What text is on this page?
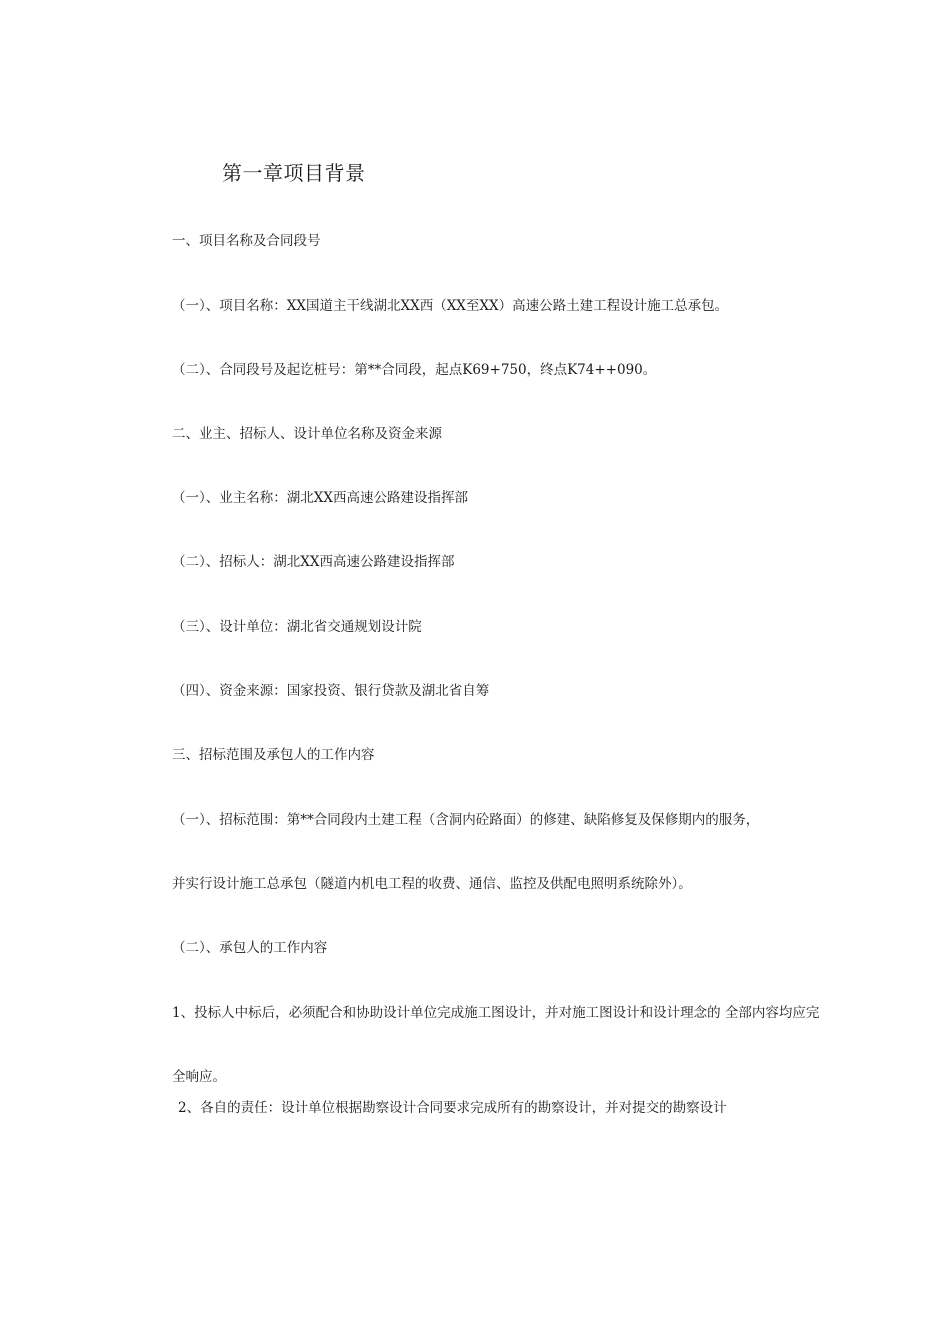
第一章项目背景
一、项目名称及合同段号
（一）、项目名称：XX国道主干线湖北XX西（XX至XX）高速公路土建工程设计施工总承包。
（二）、合同段号及起讫桩号：第**合同段，起点K69+750，终点K74++090。
二、业主、招标人、设计单位名称及资金来源
（一）、业主名称：湖北XX西高速公路建设指挥部
（二）、招标人：湖北XX西高速公路建设指挥部
（三）、设计单位：湖北省交通规划设计院
（四）、资金来源：国家投资、银行贷款及湖北省自筹
三、招标范围及承包人的工作内容
（一）、招标范围：第**合同段内土建工程（含洞内砼路面）的修建、缺陷修复及保修期内的服务，
并实行设计施工总承包（隧道内机电工程的收费、通信、监控及供配电照明系统除外）。
（二）、承包人的工作内容
1、投标人中标后，必须配合和协助设计单位完成施工图设计，并对施工图设计和设计理念的 全部内容均应完
全响应。
2、各自的责任：设计单位根据勘察设计合同要求完成所有的勘察设计，并对提交的勘察设计
